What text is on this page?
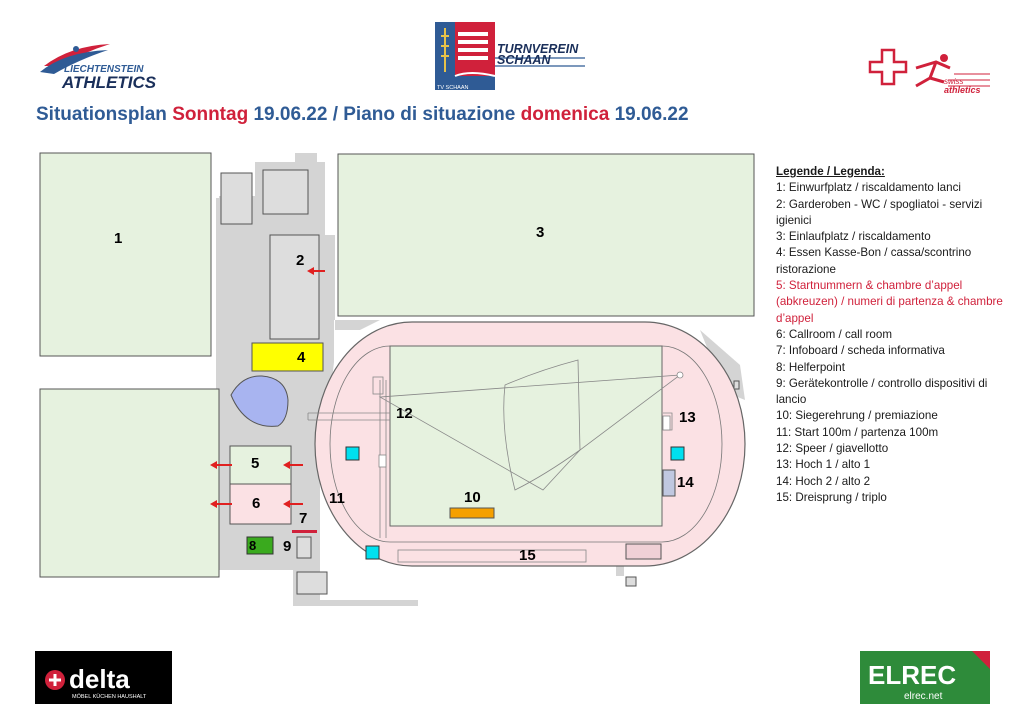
Situationsplan Sonntag 19.06.22 / Piano di situazione domenica 19.06.22
LIECHTENSTEIN
ATHLETICS
TURNVEREIN
SCHAAN
TV SCHAAN
swiss
athletics
delta
MÖBEL KÜCHEN HAUSHALT
ELREC
elrec.net
1
2
3
4
5
6
7
8 9
10
11
12	13
14
15
Legende / Legenda:
1: Einwurfplatz / riscaldamento lanci
2: Garderoben - WC / spogliatoi - servizi igienici
3: Einlaufplatz / riscaldamento
4: Essen Kasse-Bon / cassa/scontrino ristorazione
5: Startnummern & chambre d’appel (abkreuzen) / numeri di partenza & chambre d’appel
6: Callroom / call room
7: Infoboard / scheda informativa
8: Helferpoint
9: Gerätekontrolle / controllo dispositivi di lancio
10: Siegerehrung / premiazione
11: Start 100m / partenza 100m
12: Speer / giavellotto
13: Hoch 1 / alto 1
14: Hoch 2 / alto 2
15: Dreisprung / triplo
